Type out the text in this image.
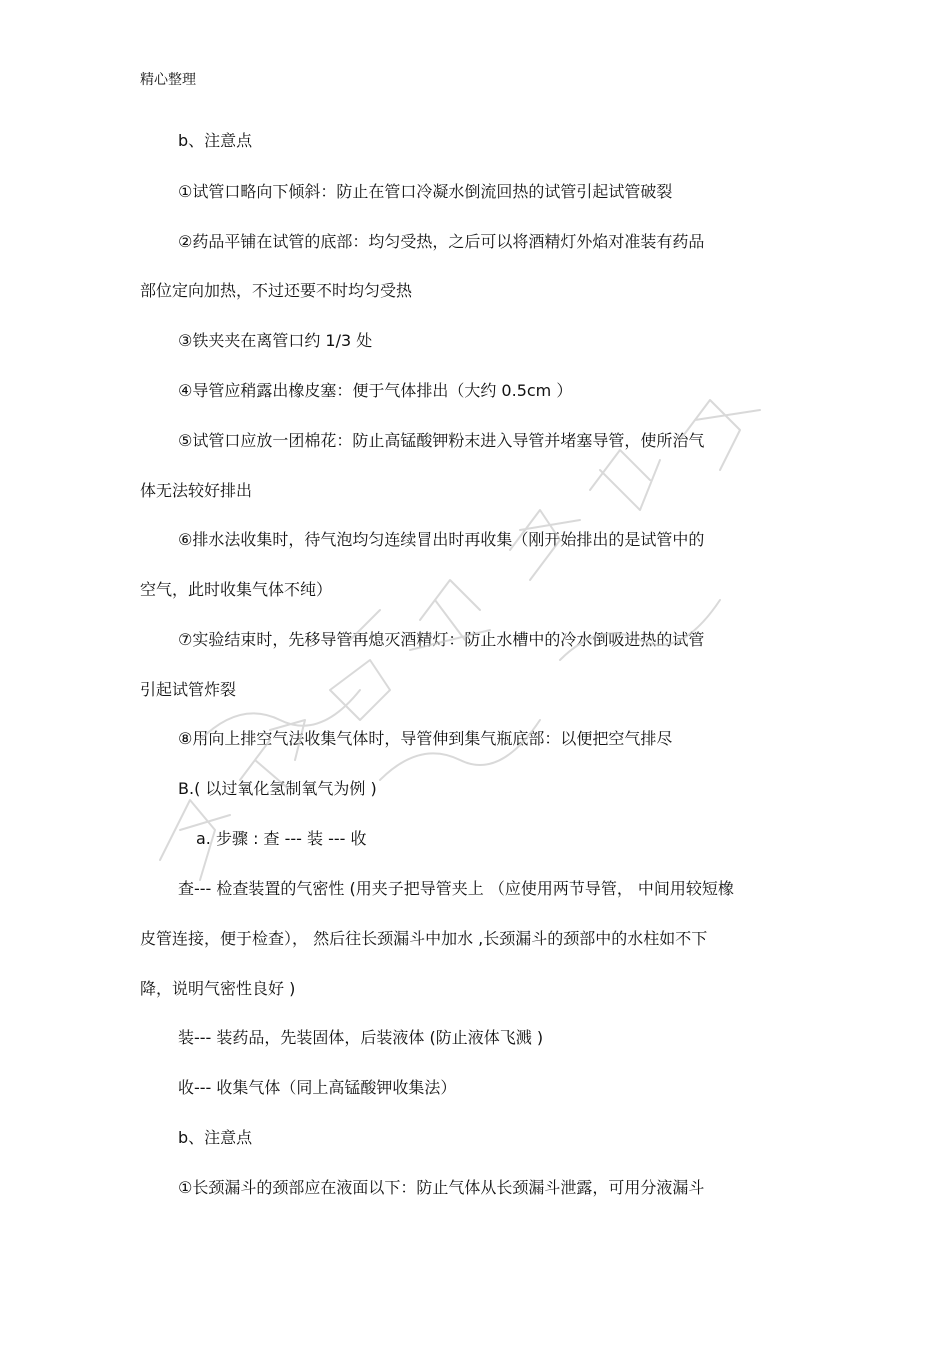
精心整理
b、注意点
①试管口略向下倾斜：防止在管口冷凝水倒流回热的试管引起试管破裂
②药品平铺在试管的底部：均匀受热，之后可以将酒精灯外焰对准装有药品
部位定向加热，不过还要不时均匀受热
③铁夹夹在离管口约 1/3 处
④导管应稍露出橡皮塞：便于气体排出（大约 0.5cm ）
⑤试管口应放一团棉花：防止高锰酸钾粉末进入导管并堵塞导管，使所治气
体无法较好排出
⑥排水法收集时，待气泡均匀连续冒出时再收集（刚开始排出的是试管中的
空气，此时收集气体不纯）
⑦实验结束时，先移导管再熄灭酒精灯：防止水槽中的冷水倒吸进热的试管
引起试管炸裂
⑧用向上排空气法收集气体时，导管伸到集气瓶底部：以便把空气排尽
B.( 以过氧化氢制氧气为例 )
a. 步骤 : 查 --- 装 --- 收
查--- 检查装置的气密性 (用夹子把导管夹上 （应使用两节导管， 中间用较短橡
皮管连接，便于检查）， 然后往长颈漏斗中加水 ,长颈漏斗的颈部中的水柱如不下
降，说明气密性良好 )
装--- 装药品，先装固体，后装液体 (防止液体飞溅 )
收--- 收集气体（同上高锰酸钾收集法）
b、注意点
①长颈漏斗的颈部应在液面以下：防止气体从长颈漏斗泄露，可用分液漏斗
